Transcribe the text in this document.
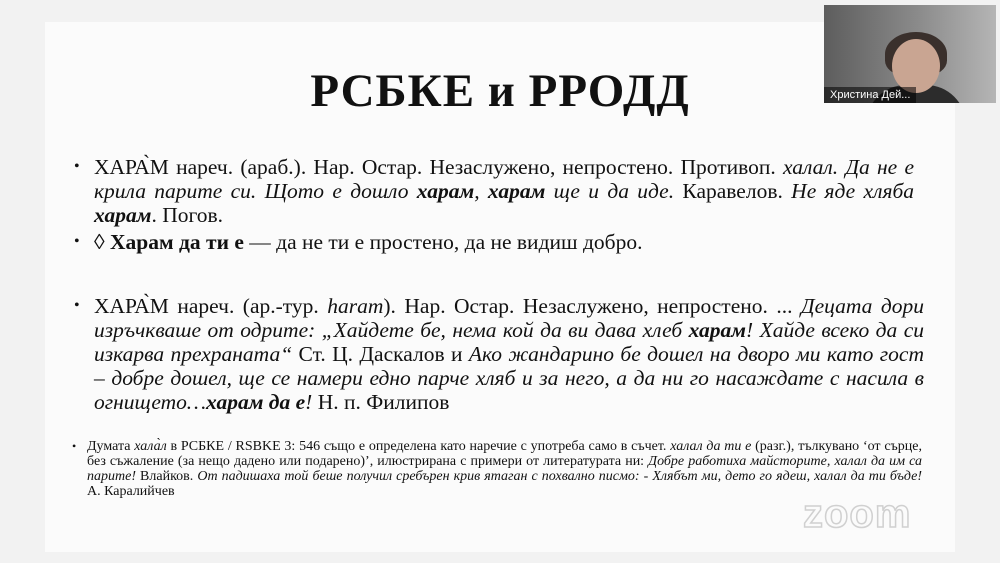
РСБКЕ и РРОДД
• ХАРА̀М нареч. (араб.). Нар. Остар. Незаслужено, непростено. Противоп. халал. Да не е крила парите си. Щото е дошло харам, харам ще и да иде. Каравелов. Не яде хляба харам. Погов.

• ◊ Харам да ти е — да не ти е простено, да не видиш добро.

• ХАРА̀М нареч. (ар.-тур. haram). Нар. Остар. Незаслужено, непростено. ... Децата дори изръчкваше от одрите: „Хайдете бе, нема кой да ви дава хлеб харам! Хайде всеко да си изкарва прехраната“ Ст. Ц. Даскалов и Ако жандарино бе дошел на дворо ми като гост – добре дошел, ще се намери едно парче хляб и за него, а да ни го насаждате с насила в огнището…харам да е! Н. п. Филипов

• Думата хала̀л в РСБКЕ / RSBKE 3: 546 също е определена като наречие с употреба само в съчет. халал да ти е (разг.), тълкувано ‘от сърце, без съжаление (за нещо дадено или подарено)’, илюстрирана с примери от литературата ни: Добре работиха майсторите, халал да им са парите! Влайков. От падишаха той беше получил сребърен крив ятаган с похвално писмо: - Хлябът ми, дето го ядеш, халал да ти бъде! А. Каралийчев
Христина Дей...
zoom
